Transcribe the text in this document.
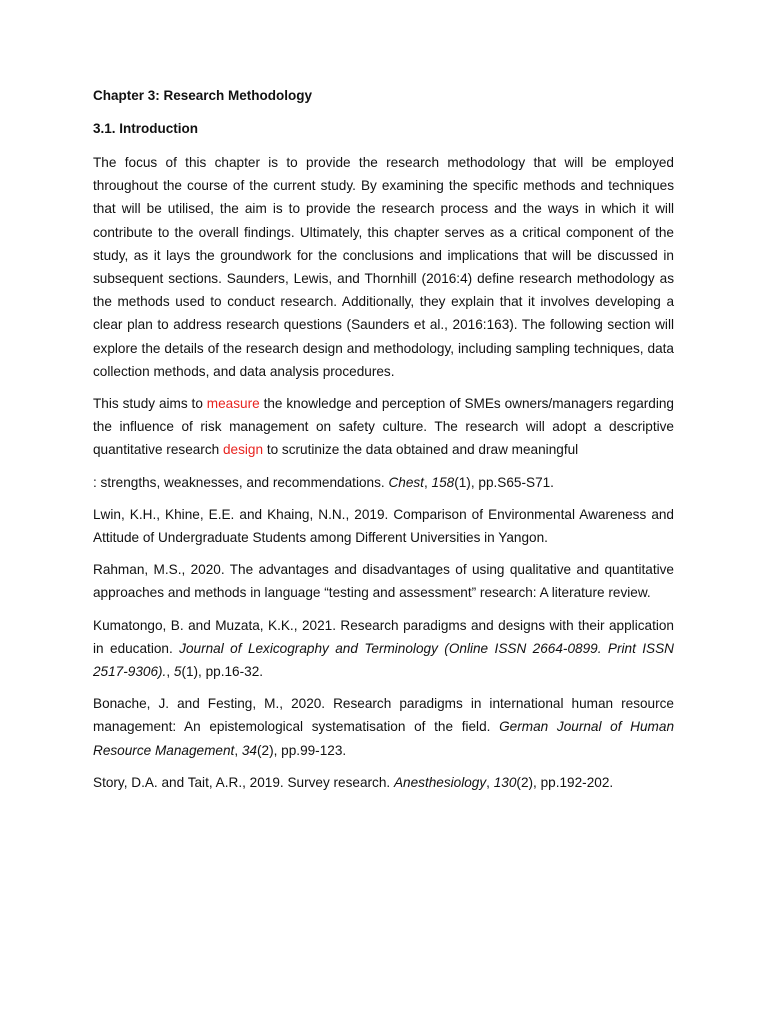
Chapter 3: Research Methodology

3.1. Introduction

The focus of this chapter is to provide the research methodology that will be employed throughout the course of the current study. By examining the specific methods and techniques that will be utilised, the aim is to provide the research process and the ways in which it will contribute to the overall findings. Ultimately, this chapter serves as a critical component of the study, as it lays the groundwork for the conclusions and implications that will be discussed in subsequent sections. Saunders, Lewis, and Thornhill (2016:4) define research methodology as the methods used to conduct research. Additionally, they explain that it involves developing a clear plan to address research questions (Saunders et al., 2016:163). The following section will explore the details of the research design and methodology, including sampling techniques, data collection methods, and data analysis procedures.

This study aims to measure the knowledge and perception of SMEs owners/managers regarding the influence of risk management on safety culture. The research will adopt a descriptive quantitative research design to scrutinize the data obtained and draw meaningful

: strengths, weaknesses, and recommendations. Chest, 158(1), pp.S65-S71.

Lwin, K.H., Khine, E.E. and Khaing, N.N., 2019. Comparison of Environmental Awareness and Attitude of Undergraduate Students among Different Universities in Yangon.

Rahman, M.S., 2020. The advantages and disadvantages of using qualitative and quantitative approaches and methods in language “testing and assessment” research: A literature review.

Kumatongo, B. and Muzata, K.K., 2021. Research paradigms and designs with their application in education. Journal of Lexicography and Terminology (Online ISSN 2664-0899. Print ISSN 2517-9306)., 5(1), pp.16-32.

Bonache, J. and Festing, M., 2020. Research paradigms in international human resource management: An epistemological systematisation of the field. German Journal of Human Resource Management, 34(2), pp.99-123.

Story, D.A. and Tait, A.R., 2019. Survey research. Anesthesiology, 130(2), pp.192-202.
